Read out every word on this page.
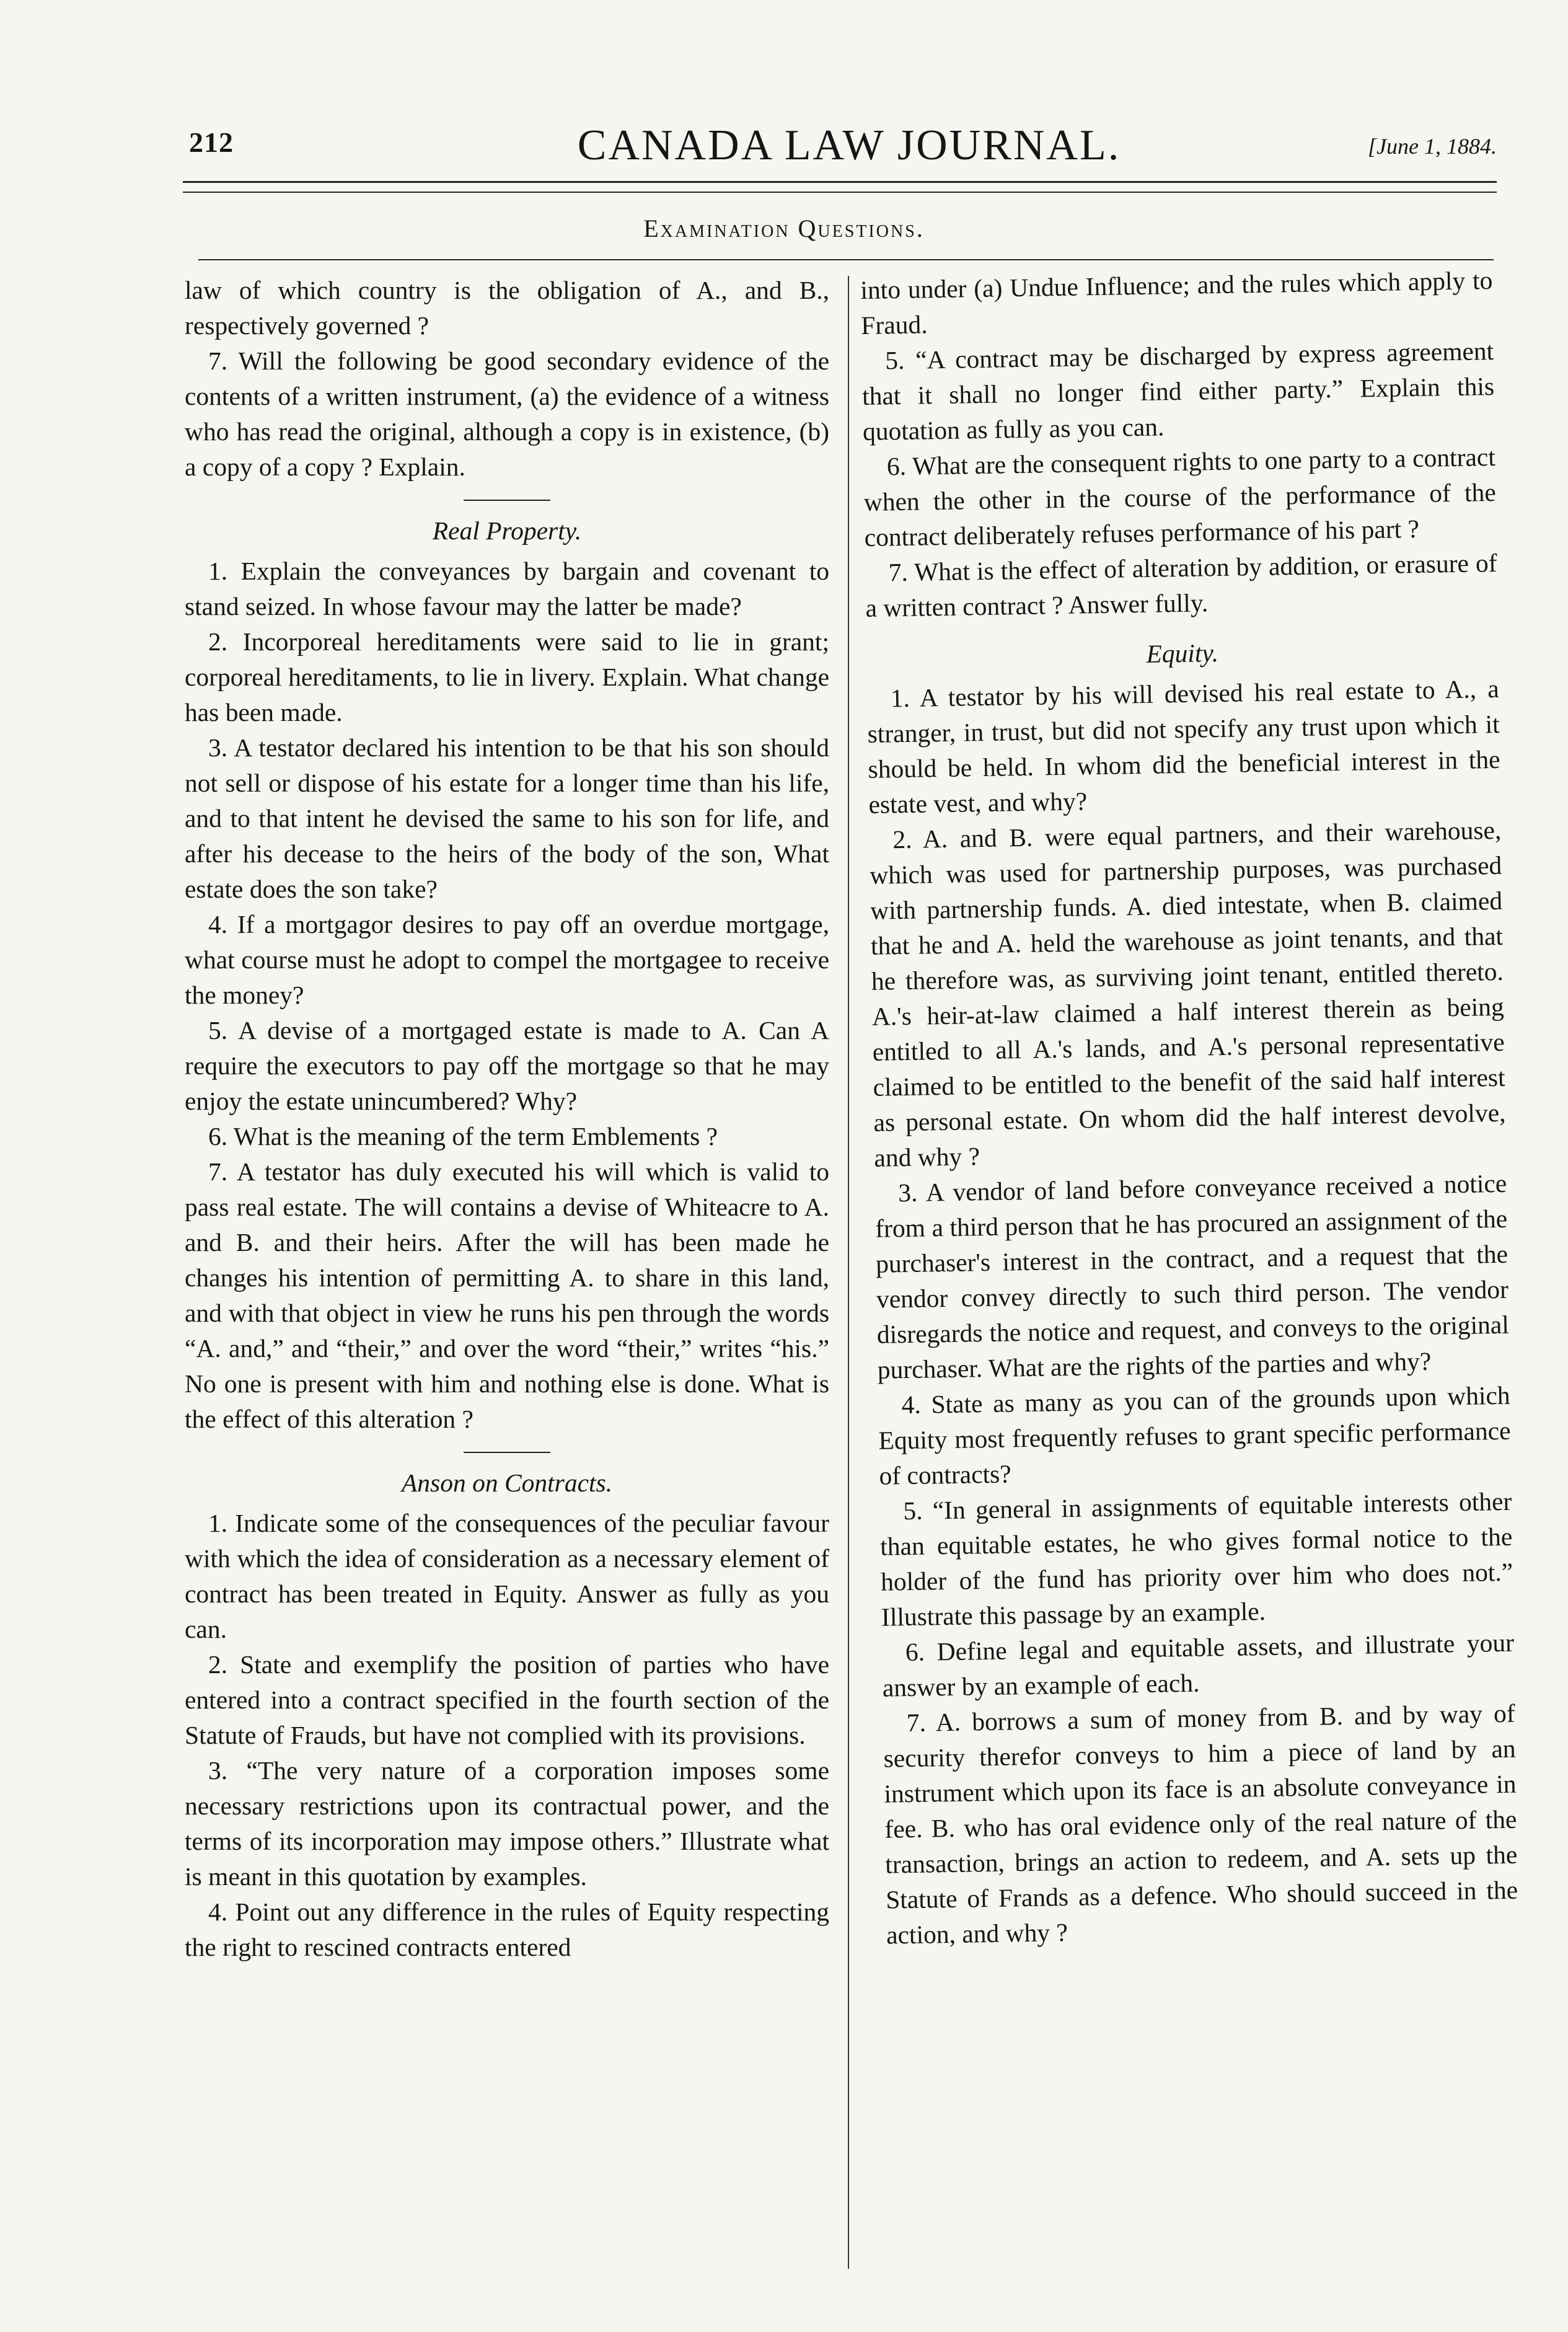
212	CANADA LAW JOURNAL.	[June 1, 1884.
Examination Questions.

law of which country is the obligation of A., and B., respectively governed ?

7. Will the following be good secondary evidence of the contents of a written instrument, (a) the evidence of a witness who has read the original, although a copy is in existence, (b) a copy of a copy ? Explain.

Real Property.

1. Explain the conveyances by bargain and covenant to stand seized. In whose favour may the latter be made?

2. Incorporeal hereditaments were said to lie in grant; corporeal hereditaments, to lie in livery. Explain. What change has been made.

3. A testator declared his intention to be that his son should not sell or dispose of his estate for a longer time than his life, and to that intent he devised the same to his son for life, and after his decease to the heirs of the body of the son, What estate does the son take?

4. If a mortgagor desires to pay off an overdue mortgage, what course must he adopt to compel the mortgagee to receive the money?

5. A devise of a mortgaged estate is made to A. Can A require the executors to pay off the mortgage so that he may enjoy the estate unincumbered? Why?

6. What is the meaning of the term Emblements ?

7. A testator has duly executed his will which is valid to pass real estate. The will contains a devise of Whiteacre to A. and B. and their heirs. After the will has been made he changes his intention of permitting A. to share in this land, and with that object in view he runs his pen through the words “A. and,” and “their,” and over the word “their,” writes “his.” No one is present with him and nothing else is done. What is the effect of this alteration ?

Anson on Contracts.

1. Indicate some of the consequences of the peculiar favour with which the idea of consideration as a necessary element of contract has been treated in Equity. Answer as fully as you can.

2. State and exemplify the position of parties who have entered into a contract specified in the fourth section of the Statute of Frauds, but have not complied with its provisions.

3. “The very nature of a corporation imposes some necessary restrictions upon its contractual power, and the terms of its incorporation may impose others.” Illustrate what is meant in this quotation by examples.

4. Point out any difference in the rules of Equity respecting the right to rescined contracts entered

into under (a) Undue Influence; and the rules which apply to Fraud.

5. “A contract may be discharged by express agreement that it shall no longer find either party.” Explain this quotation as fully as you can.

6. What are the consequent rights to one party to a contract when the other in the course of the performance of the contract deliberately refuses performance of his part ?

7. What is the effect of alteration by addition, or erasure of a written contract ? Answer fully.

Equity.

1. A testator by his will devised his real estate to A., a stranger, in trust, but did not specify any trust upon which it should be held. In whom did the beneficial interest in the estate vest, and why?

2. A. and B. were equal partners, and their warehouse, which was used for partnership purposes, was purchased with partnership funds. A. died intestate, when B. claimed that he and A. held the warehouse as joint tenants, and that he therefore was, as surviving joint tenant, entitled thereto. A.'s heir-at-law claimed a half interest therein as being entitled to all A.'s lands, and A.'s personal representative claimed to be entitled to the benefit of the said half interest as personal estate. On whom did the half interest devolve, and why ?

3. A vendor of land before conveyance received a notice from a third person that he has procured an assignment of the purchaser's interest in the contract, and a request that the vendor convey directly to such third person. The vendor disregards the notice and request, and conveys to the original purchaser. What are the rights of the parties and why?

4. State as many as you can of the grounds upon which Equity most frequently refuses to grant specific performance of contracts?

5. “In general in assignments of equitable interests other than equitable estates, he who gives formal notice to the holder of the fund has priority over him who does not.” Illustrate this passage by an example.

6. Define legal and equitable assets, and illustrate your answer by an example of each.

7. A. borrows a sum of money from B. and by way of security therefor conveys to him a piece of land by an instrument which upon its face is an absolute conveyance in fee. B. who has oral evidence only of the real nature of the transaction, brings an action to redeem, and A. sets up the Statute of Frands as a defence. Who should succeed in the action, and why ?
